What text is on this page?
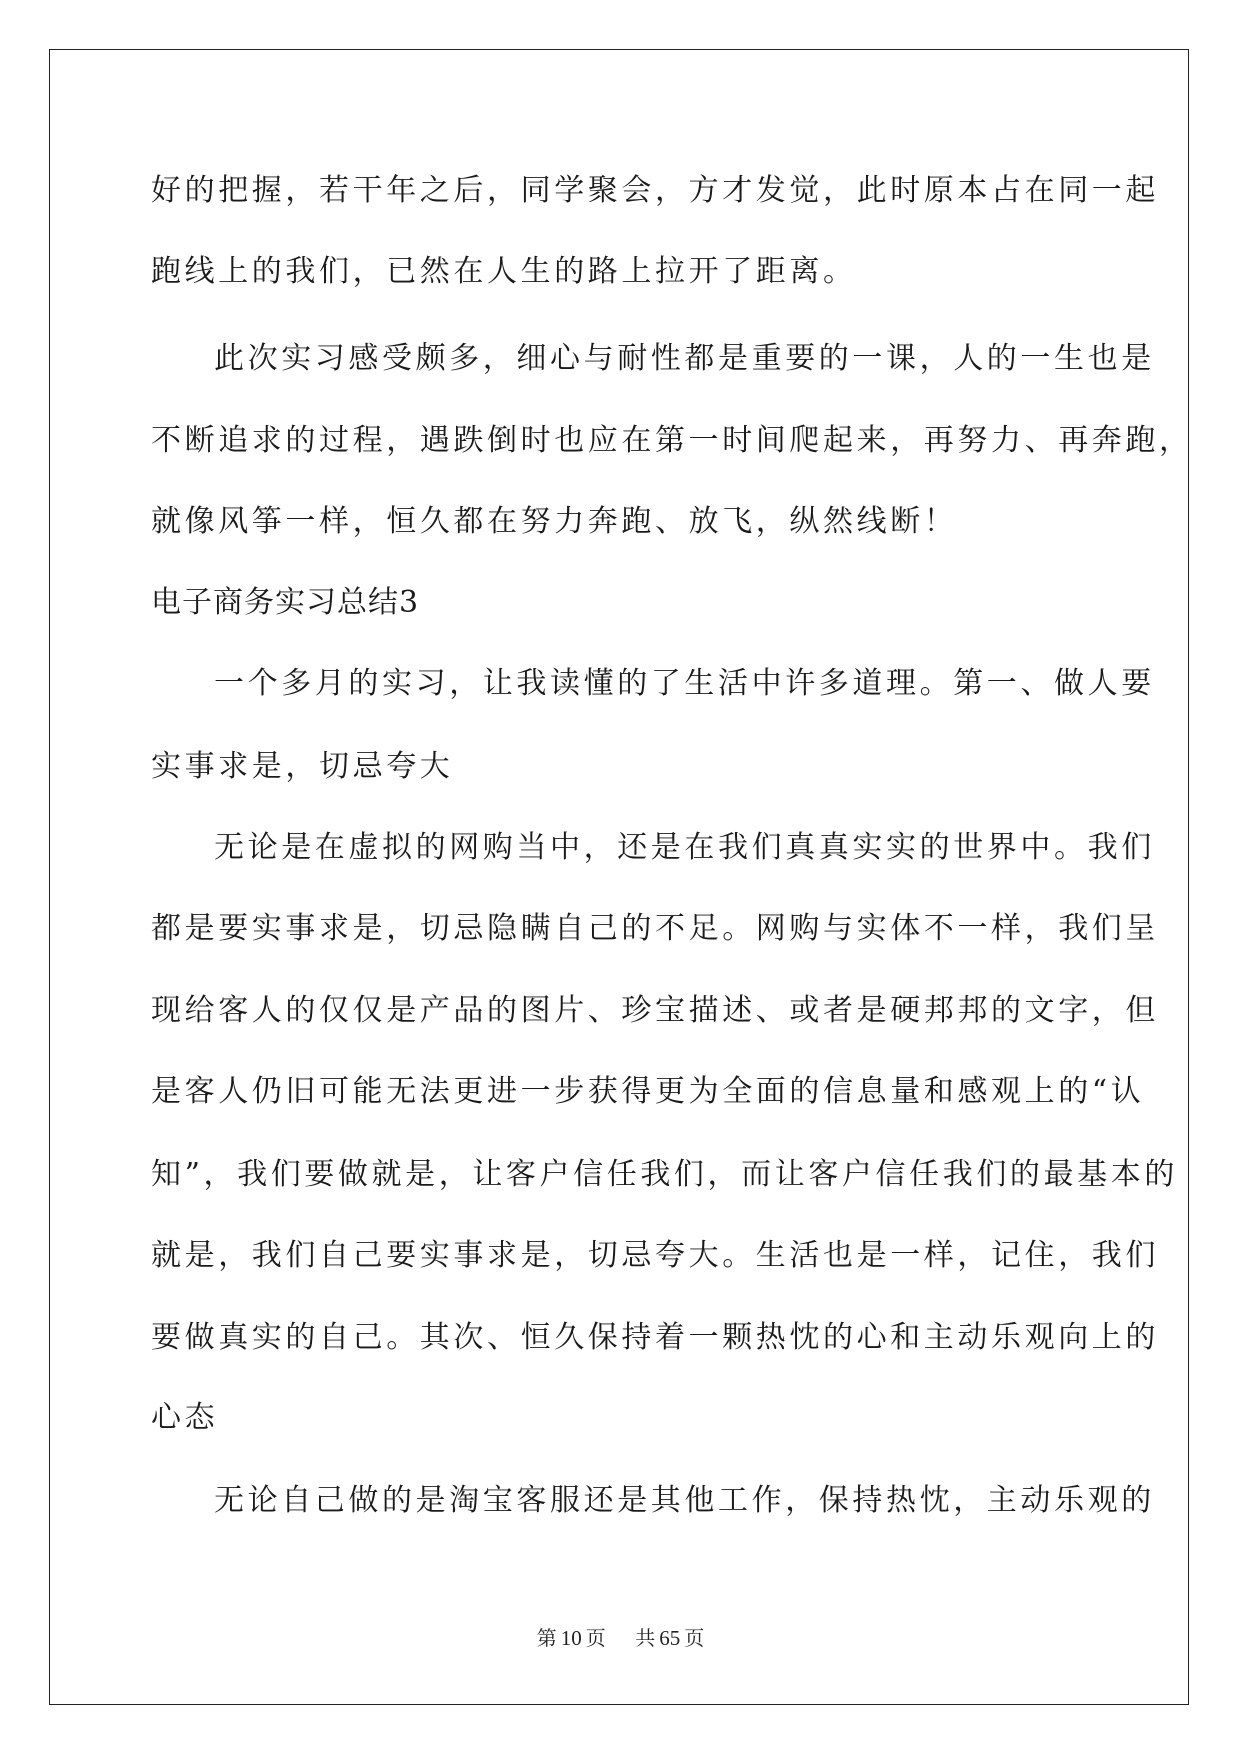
好的把握，若干年之后，同学聚会，方才发觉，此时原本占在同一起
跑线上的我们，已然在人生的路上拉开了距离。
此次实习感受颇多，细心与耐性都是重要的一课，人的一生也是
不断追求的过程，遇跌倒时也应在第一时间爬起来，再努力、再奔跑，
就像风筝一样，恒久都在努力奔跑、放飞，纵然线断！
电子商务实习总结3
一个多月的实习，让我读懂的了生活中许多道理。第一、做人要
实事求是，切忌夸大
无论是在虚拟的网购当中，还是在我们真真实实的世界中。我们
都是要实事求是，切忌隐瞒自己的不足。网购与实体不一样，我们呈
现给客人的仅仅是产品的图片、珍宝描述、或者是硬邦邦的文字，但
是客人仍旧可能无法更进一步获得更为全面的信息量和感观上的“认
知”，我们要做就是，让客户信任我们，而让客户信任我们的最基本的
就是，我们自己要实事求是，切忌夸大。生活也是一样，记住，我们
要做真实的自己。其次、恒久保持着一颗热忱的心和主动乐观向上的
心态
无论自己做的是淘宝客服还是其他工作，保持热忱，主动乐观的
第 10 页 共 65 页
